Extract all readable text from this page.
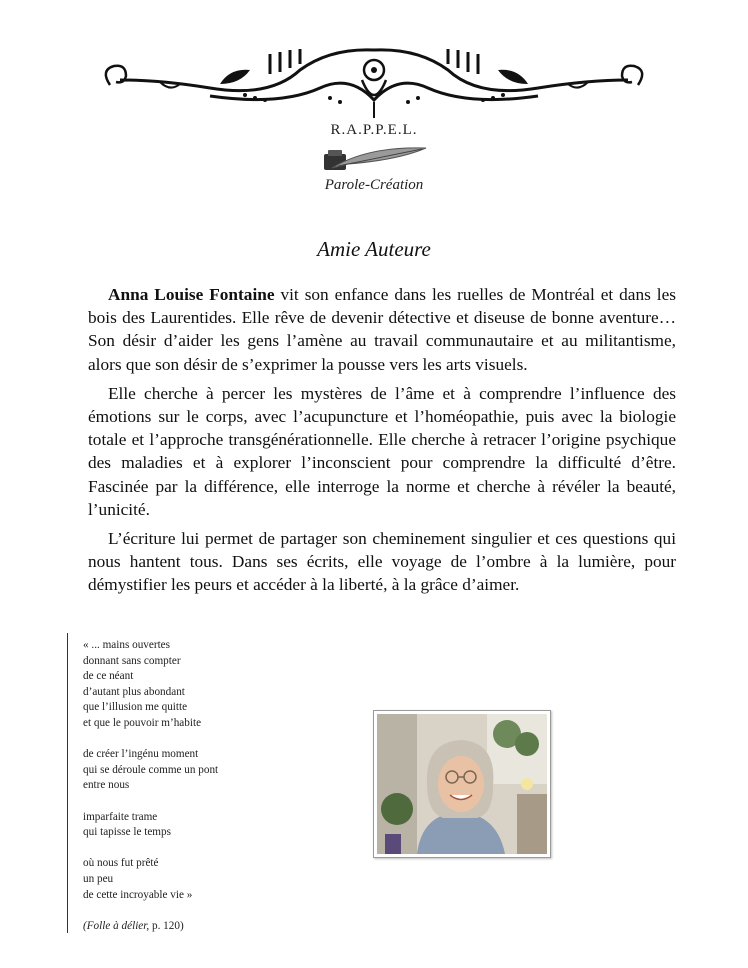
R.A.P.P.E.L.
Parole-Création
Amie Auteure

Anna Louise Fontaine vit son enfance dans les ruelles de Montréal et dans les bois des Laurentides. Elle rêve de devenir détective et diseuse de bonne aventure… Son désir d’aider les gens l’amène au travail communautaire et au militantisme, alors que son désir de s’exprimer la pousse vers les arts visuels.

Elle cherche à percer les mystères de l’âme et à comprendre l’influence des émotions sur le corps, avec l’acupuncture et l’homéopathie, puis avec la biologie totale et l’approche transgénérationnelle. Elle cherche à retracer l’origine psychique des maladies et à explorer l’inconscient pour comprendre la difficulté d’être. Fascinée par la différence, elle interroge la norme et cherche à révéler la beauté, l’unicité.

L’écriture lui permet de partager son cheminement singulier et ces questions qui nous hantent tous. Dans ses écrits, elle voyage de l’ombre à la lumière, pour démystifier les peurs et accéder à la liberté, à la grâce d’aimer.

« ... mains ouvertes
donnant sans compter
de ce néant
d’autant plus abondant
que l’illusion me quitte
et que le pouvoir m’habite
de créer l’ingénu moment
qui se déroule comme un pont
entre nous
imparfaite trame
qui tapisse le temps
où nous fut prêté
un peu
de cette incroyable vie »
(Folle à délier, p. 120)
